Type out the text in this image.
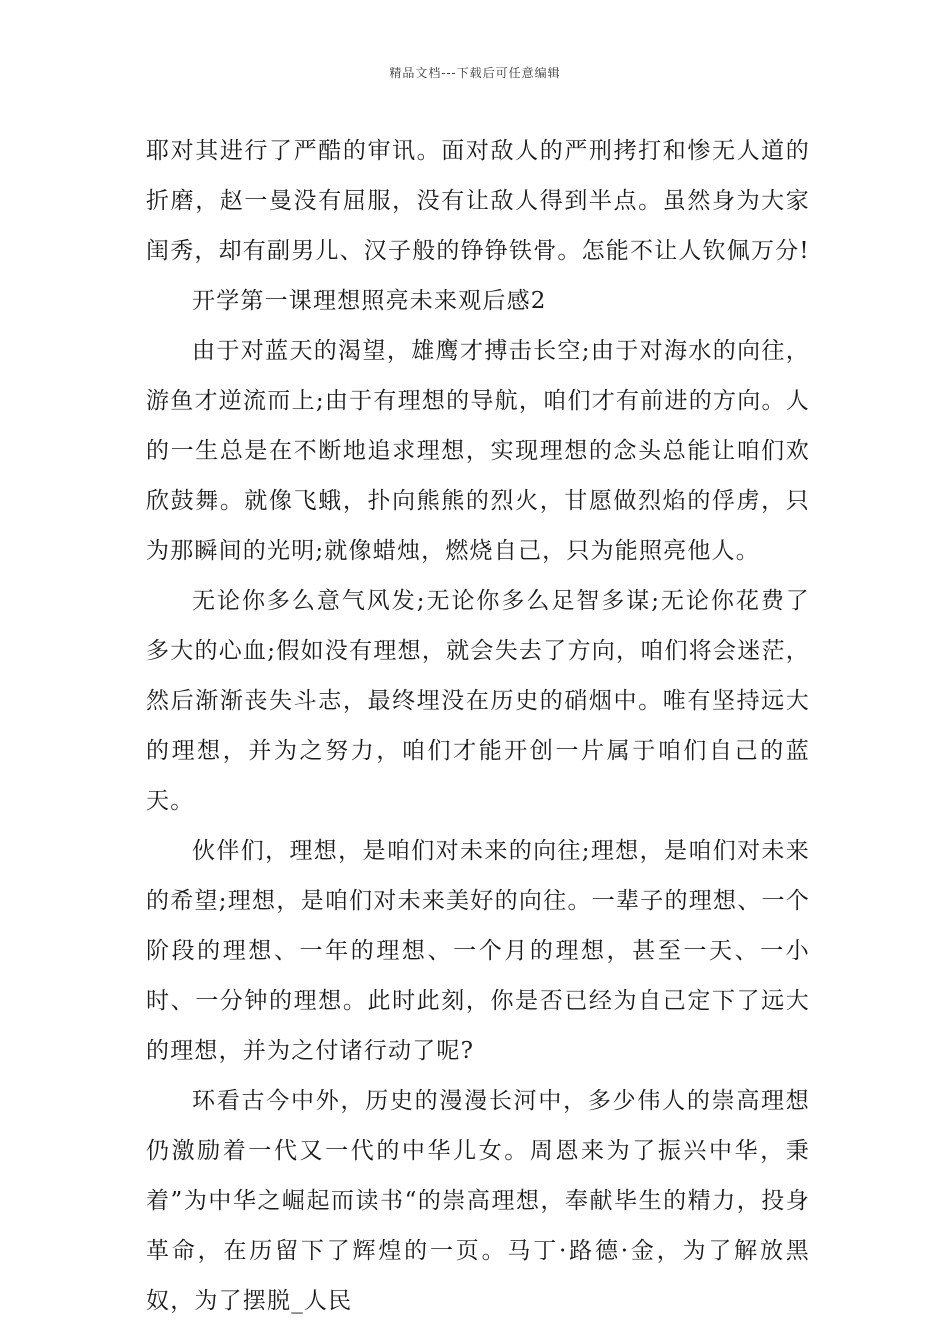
精品文档---下载后可任意编辑

耶对其进行了严酷的审讯。面对敌人的严刑拷打和惨无人道的折磨，赵一曼没有屈服，没有让敌人得到半点。虽然身为大家闺秀，却有副男儿、汉子般的铮铮铁骨。怎能不让人钦佩万分!

开学第一课理想照亮未来观后感2

由于对蓝天的渴望，雄鹰才搏击长空;由于对海水的向往，游鱼才逆流而上;由于有理想的导航，咱们才有前进的方向。人的一生总是在不断地追求理想，实现理想的念头总能让咱们欢欣鼓舞。就像飞蛾，扑向熊熊的烈火，甘愿做烈焰的俘虏，只为那瞬间的光明;就像蜡烛，燃烧自己，只为能照亮他人。

无论你多么意气风发;无论你多么足智多谋;无论你花费了多大的心血;假如没有理想，就会失去了方向，咱们将会迷茫，然后渐渐丧失斗志，最终埋没在历史的硝烟中。唯有坚持远大的理想，并为之努力，咱们才能开创一片属于咱们自己的蓝天。

伙伴们，理想，是咱们对未来的向往;理想，是咱们对未来的希望;理想，是咱们对未来美好的向往。一辈子的理想、一个阶段的理想、一年的理想、一个月的理想，甚至一天、一小时、一分钟的理想。此时此刻，你是否已经为自己定下了远大的理想，并为之付诸行动了呢?

环看古今中外，历史的漫漫长河中，多少伟人的崇高理想仍激励着一代又一代的中华儿女。周恩来为了振兴中华，秉着”为中华之崛起而读书“的崇高理想，奉献毕生的精力，投身革命，在历留下了辉煌的一页。马丁·路德·金，为了解放黑奴，为了摆脱_人民
